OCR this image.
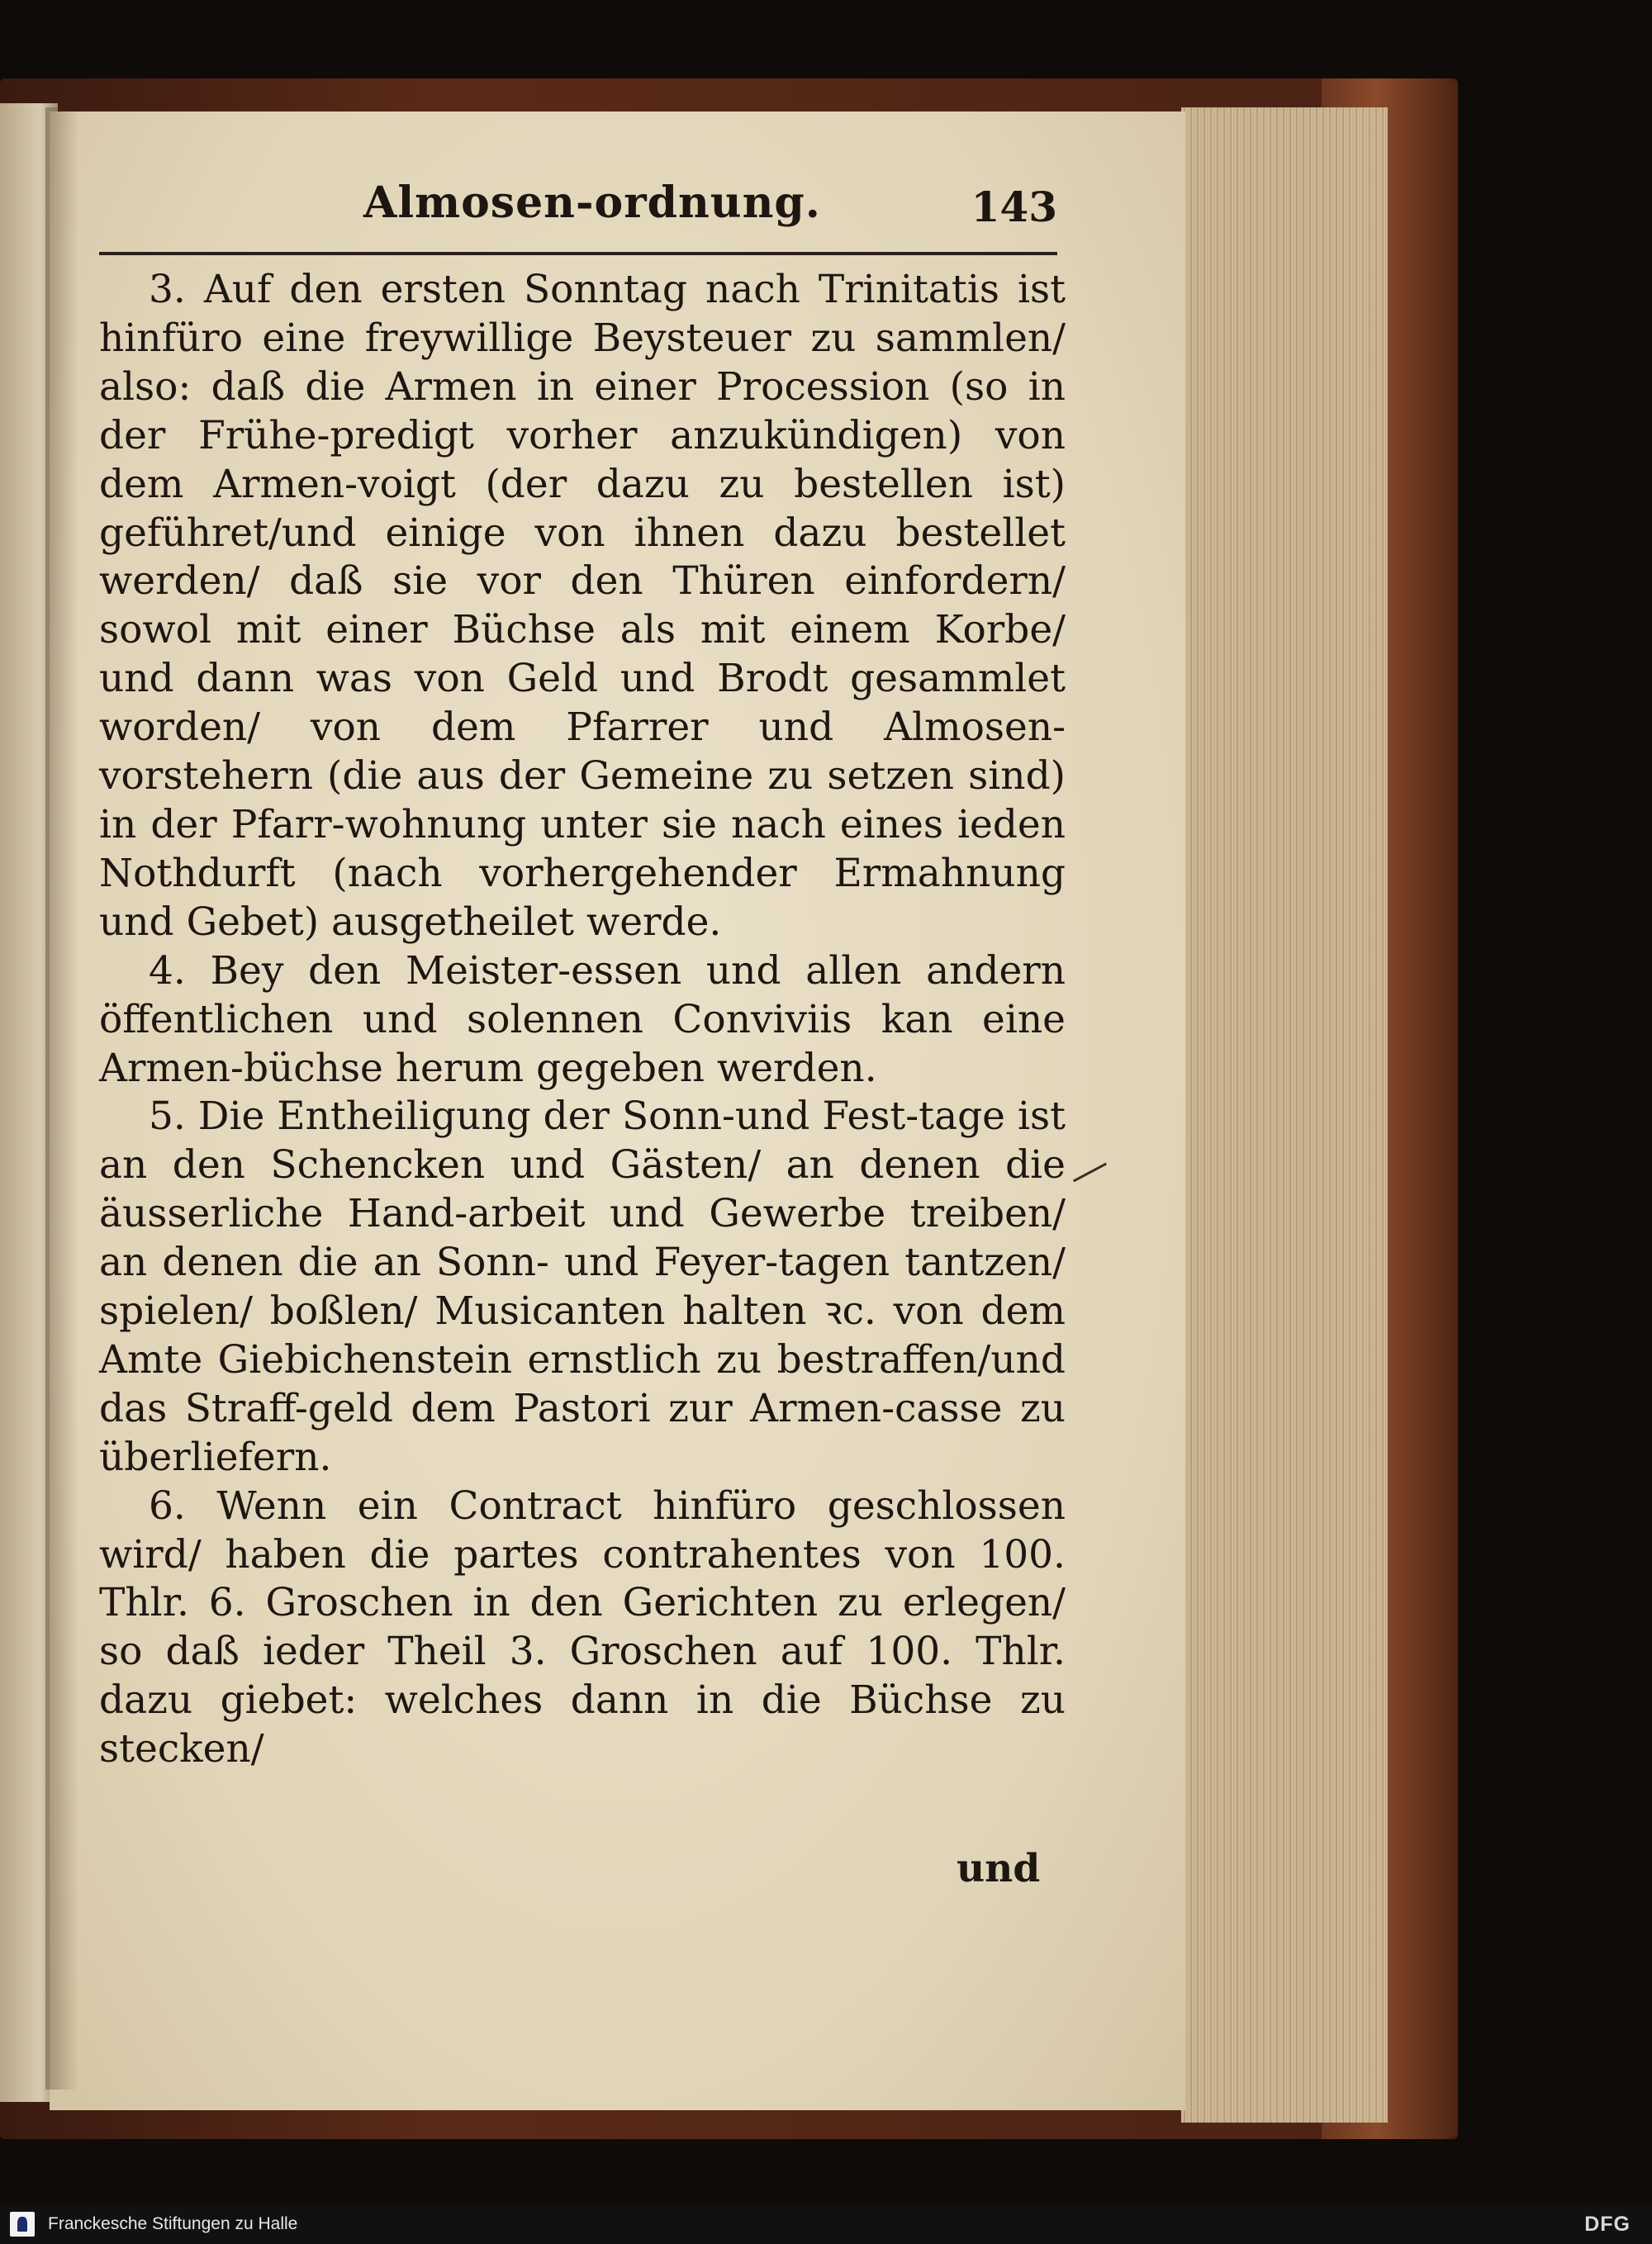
Almosen-ordnung.	143

3. Auf den ersten Sonntag nach Trinitatis ist hinfüro eine freywillige Beysteuer zu sammlen/ also: daß die Armen in einer Procession (so in der Frühe-predigt vorher anzukündigen) von dem Armen-voigt (der dazu zu bestellen ist) geführet/und einige von ihnen dazu bestellet werden/ daß sie vor den Thüren einfordern/ sowol mit einer Büchse als mit einem Korbe/ und dann was von Geld und Brodt gesammlet worden/ von dem Pfarrer und Almosen-vorstehern (die aus der Gemeine zu setzen sind) in der Pfarr-wohnung unter sie nach eines ieden Nothdurft (nach vorhergehender Ermahnung und Gebet) ausgetheilet werde.

4. Bey den Meister-essen und allen andern öffentlichen und solennen Conviviis kan eine Armen-büchse herum gegeben werden.

5. Die Entheiligung der Sonn-und Fest-tage ist an den Schencken und Gästen/ an denen die äusserliche Hand-arbeit und Gewerbe treiben/ an denen die an Sonn- und Feyer-tagen tantzen/ spielen/ boßlen/ Musicanten halten ꝛc. von dem Amte Giebichenstein ernstlich zu bestraffen/und das Straff-geld dem Pastori zur Armen-casse zu überliefern.

6. Wenn ein Contract hinfüro geschlossen wird/ haben die partes contrahentes von 100. Thlr. 6. Groschen in den Gerichten zu erlegen/ so daß ieder Theil 3. Groschen auf 100. Thlr. dazu giebet: welches dann in die Büchse zu stecken/

und
Franckesche Stiftungen zu Halle	DFG
